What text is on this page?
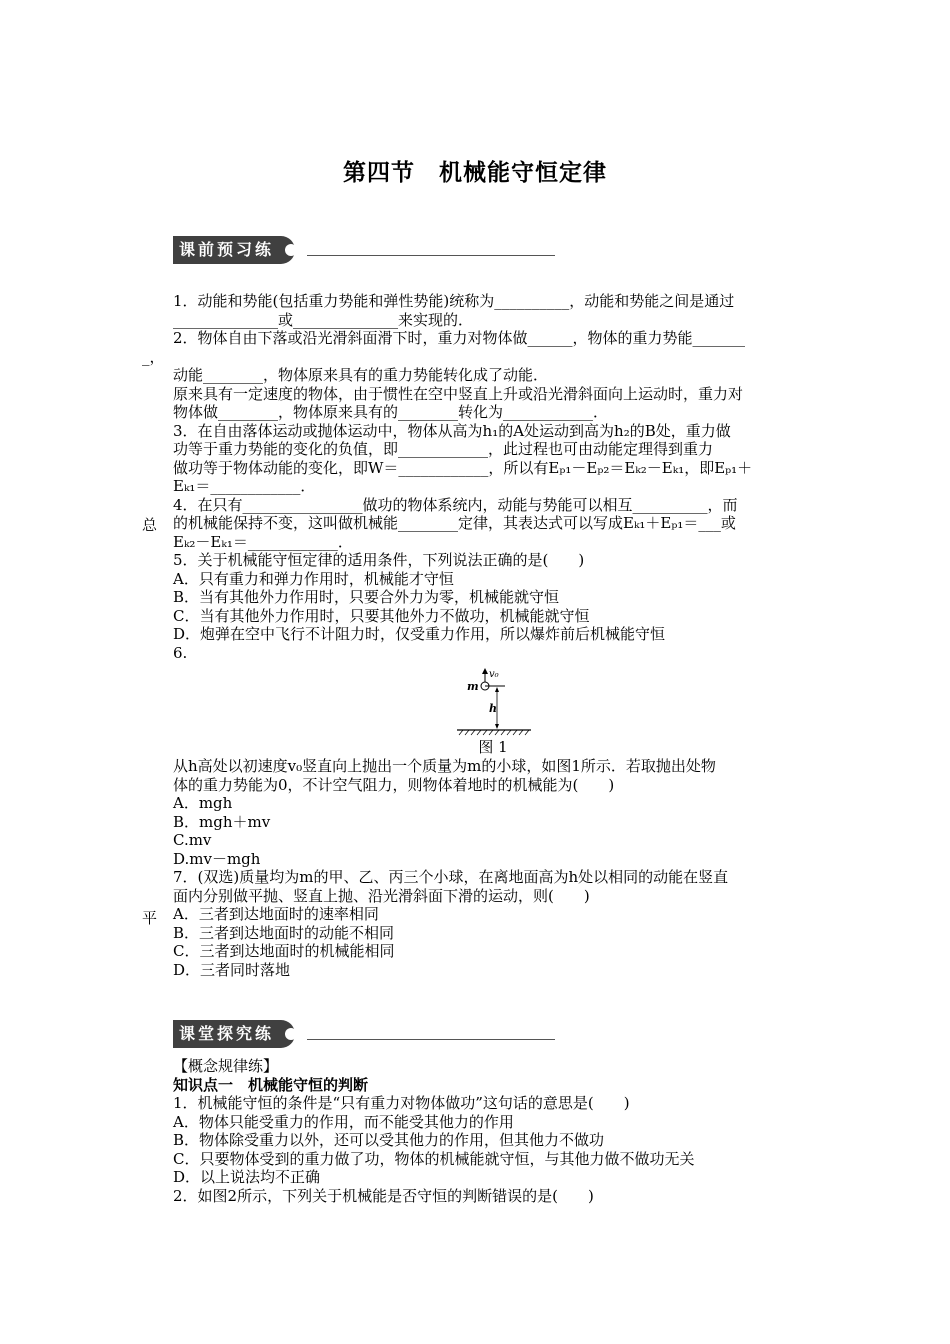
第四节　机械能守恒定律
课前预习练
总
平

1．动能和势能(包括重力势能和弹性势能)统称为__________，动能和势能之间是通过

______________或______________来实现的．

2．物体自由下落或沿光滑斜面滑下时，重力对物体做______，物体的重力势能_______

_，

动能________，物体原来具有的重力势能转化成了动能．

原来具有一定速度的物体，由于惯性在空中竖直上升或沿光滑斜面向上运动时，重力对

物体做________，物体原来具有的________转化为____________．

3．在自由落体运动或抛体运动中，物体从高为h₁的A处运动到高为h₂的B处，重力做

功等于重力势能的变化的负值，即____________，此过程也可由动能定理得到重力

做功等于物体动能的变化，即W＝____________，所以有Eₚ₁－Eₚ₂＝Eₖ₂－Eₖ₁，即Eₚ₁＋

Eₖ₁＝____________．

4．在只有________________做功的物体系统内，动能与势能可以相互__________，而

的机械能保持不变，这叫做机械能________定律，其表达式可以写成Eₖ₁＋Eₚ₁＝___或

Eₖ₂－Eₖ₁＝____________．

5．关于机械能守恒定律的适用条件，下列说法正确的是(　　)

A．只有重力和弹力作用时，机械能才守恒

B．当有其他外力作用时，只要合外力为零，机械能就守恒

C．当有其他外力作用时，只要其他外力不做功，机械能就守恒

D．炮弹在空中飞行不计阻力时，仅受重力作用，所以爆炸前后机械能守恒

6.

v₀
m
h
图 1

从h高处以初速度v₀竖直向上抛出一个质量为m的小球，如图1所示．若取抛出处物

体的重力势能为0，不计空气阻力，则物体着地时的机械能为(　　)

A．mgh

B．mgh＋mv

C.mv

D.mv－mgh

7．(双选)质量均为m的甲、乙、丙三个小球，在离地面高为h处以相同的动能在竖直

面内分别做平抛、竖直上抛、沿光滑斜面下滑的运动，则(　　)

A．三者到达地面时的速率相同

B．三者到达地面时的动能不相同

C．三者到达地面时的机械能相同

D．三者同时落地

课堂探究练

【概念规律练】

知识点一　机械能守恒的判断

1．机械能守恒的条件是“只有重力对物体做功”这句话的意思是(　　)

A．物体只能受重力的作用，而不能受其他力的作用

B．物体除受重力以外，还可以受其他力的作用，但其他力不做功

C．只要物体受到的重力做了功，物体的机械能就守恒，与其他力做不做功无关

D．以上说法均不正确

2．如图2所示，下列关于机械能是否守恒的判断错误的是(　　)
